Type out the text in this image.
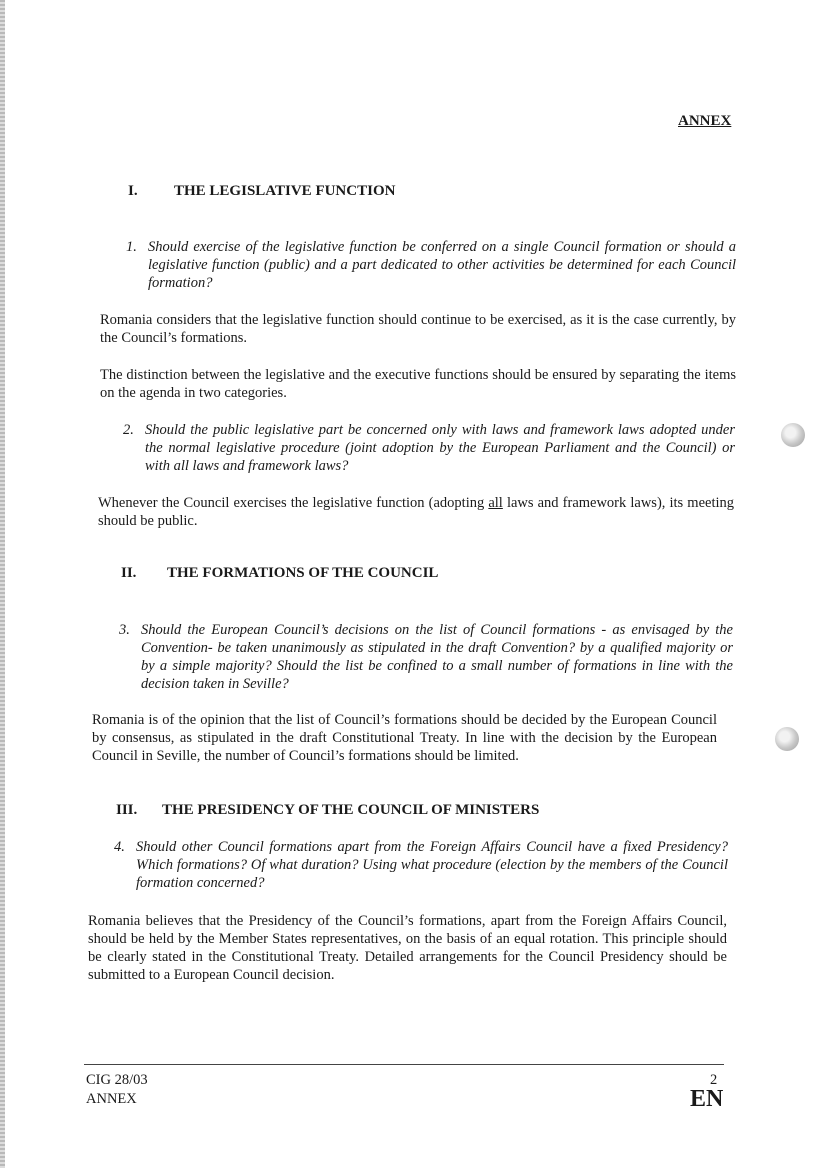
ANNEX
I. THE LEGISLATIVE FUNCTION
1. Should exercise of the legislative function be conferred on a single Council formation or should a legislative function (public) and a part dedicated to other activities be determined for each Council formation?
Romania considers that the legislative function should continue to be exercised, as it is the case currently, by the Council’s formations.
The distinction between the legislative and the executive functions should be ensured by separating the items on the agenda in two categories.
2. Should the public legislative part be concerned only with laws and framework laws adopted under the normal legislative procedure (joint adoption by the European Parliament and the Council) or with all laws and framework laws?
Whenever the Council exercises the legislative function (adopting all laws and framework laws), its meeting should be public.
II. THE FORMATIONS OF THE COUNCIL
3. Should the European Council’s decisions on the list of Council formations - as envisaged by the Convention- be taken unanimously as stipulated in the draft Convention? by a qualified majority or by a simple majority? Should the list be confined to a small number of formations in line with the decision taken in Seville?
Romania is of the opinion that the list of Council’s formations should be decided by the European Council by consensus, as stipulated in the draft Constitutional Treaty. In line with the decision by the European Council in Seville, the number of Council’s formations should be limited.
III. THE PRESIDENCY OF THE COUNCIL OF MINISTERS
4. Should other Council formations apart from the Foreign Affairs Council have a fixed Presidency? Which formations? Of what duration? Using what procedure (election by the members of the Council formation concerned?
Romania believes that the Presidency of the Council’s formations, apart from the Foreign Affairs Council, should be held by the Member States representatives, on the basis of an equal rotation. This principle should be clearly stated in the Constitutional Treaty. Detailed arrangements for the Council Presidency should be submitted to a European Council decision.
CIG 28/03
ANNEX
2
EN
